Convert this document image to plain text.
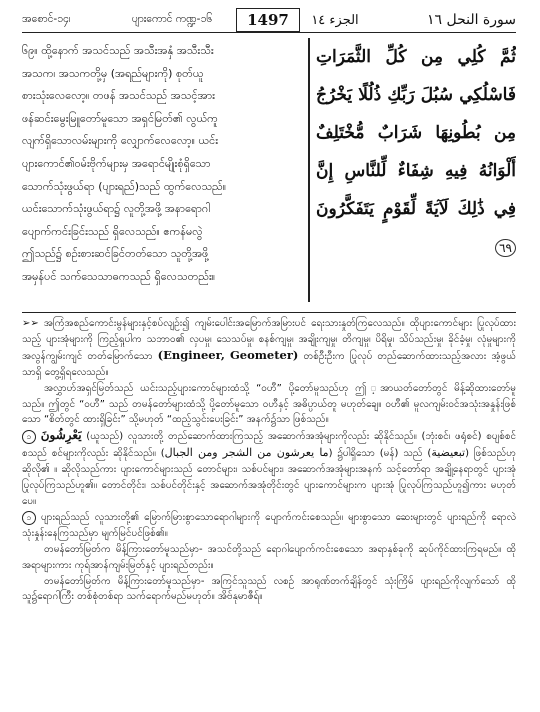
အစောင်-၁၄၊	ပျားကောင် ကဏ္ဍ-၁၆	1497	الجزء ١٤	سورة النحل ١٦

၆၉။ ထို့နောက် အသင်သည် အသီးအနှံ အသီးသီး

အသက၊ အသကတို့မှ (အရည်များကို) စုတ်ယူ

စားသုံးလေလော့။ တဖန် အသင်သည် အသင့်အား

ဖန်ဆင်းမွေးမြူတော်မူသော အရှင်မြတ်၏ လွယ်ကူ

လျက်ရှိသောလမ်းများကို လျှောက်လေလော့။ ယင်း

ပျားကောင်၏ဝမ်းဗိုက်များမှ အရောင်မျိုးစုံရှိသော

သောက်သုံးဖွယ်ရာ (ပျားရည်)သည် ထွက်လေသည်။

ယင်းသောက်သုံးဖွယ်ရာ၌ လူတို့အဖို့ အနာရောဂါ

ပျောက်ကင်းခြင်းသည် ရှိလေသည်။ ဧကန်မလွဲ

ဤသည်၌ စဉ်းစားဆင်ခြင်တတ်သော သူတို့အဖို့

အမှန်ပင် သက်သေသာဓကသည် ရှိလေသတည်း။

ثُمَّ كُلِي مِن كُلِّ الثَّمَرَاتِ فَاسْلُكِي سُبُلَ رَبِّكِ ذُلُلًا يَخْرُجُ مِن بُطُونِهَا شَرَابٌ مُّخْتَلِفٌ أَلْوَانُهُ فِيهِ شِفَاءٌ لِّلنَّاسِ إِنَّ فِي ذَٰلِكَ لَآيَةً لِّقَوْمٍ يَتَفَكَّرُونَ ٦٩

➢➢ အကြံအစည်ကောင်းမွန်များနှင့်စပ်လျဉ်း၍ ကျမ်းပေါင်းအမြောက်အမြားပင် ရေးသားနှုတ်ကြလေသည်။ ထိုပျားကောင်များ ပြုလုပ်ထားသည့် ပျားအုံများကို ကြည့်ရှုပါက သဘာဝ၏ လှပမှု၊ သေသပ်မှု၊ စနစ်ကျမှု၊ အချိုးကျမှု၊ တိကျမှု၊ ပိရိမှု၊ သိပ်သည်းမှု၊ ခိုင်ခံ့မှု၊ လုံမှုများကို အလွန်ကျွမ်းကျင် တတ်မြောက်သော (Engineer, Geometer) တစ်ဦးဦးက ပြုလုပ် တည်ဆောက်ထားသည့်အလား အံ့ဖွယ်သာရှိ တွေ့ရှိရလေသည်။

အလွှာဟ်အရှင်မြတ်သည် ယင်းသည့်ပျားကောင်များထံသို့ “ဝဟီ” ပို့တော်မူသည်ဟု ဤ ့အာယတ်တော်တွင် မိန့်ဆိုထားတော်မူသည်။ ဤတွင် “ဝဟီ” သည် တမန်တော်များထံသို့ ပို့တော်မူသော ဝဟီနှင့် အဓိပ္ပာယ်တူ မဟုတ်ချေ။ ဝဟီ၏ မူလကျမ်းဝင်အသုံးအနှုန်းဖြစ်သော “စိတ်တွင် ထားရှိခြင်း” သို့မဟုတ် “ထည့်သွင်းပေးခြင်း” အနက်၌သာ ဖြစ်သည်။

၁ يَعْرِشُونَ (ယူသည်) လူသားတို့ တည်ဆောက်ထားကြသည့် အဆောက်အအုံများကိုလည်း ဆိုနိုင်သည်။ (ဘုံးစင်၊ ဖရုံစင်) စပျစ်စင်စသည် စင်များကိုလည်း ဆိုနိုင်သည်။ (ما يعرشون من الشجر ومن الجبال) ၌ပါရှိသော (မန်) သည် (تبعيضية) ဖြစ်သည်ဟု ဆိုလို၏ ။ ဆိုလိုသည်ကား ပျားကောင်များသည် တောင်များ၊ သစ်ပင်များ၊ အဆောက်အအုံများအနက် သင့်တော်ရာ အချို့နေရာတွင် ပျားအုံ ပြုလုပ်ကြသည်ဟူ၏။ တောင်တိုင်း၊ သစ်ပင်တိုင်းနှင့် အဆောက်အအုံတိုင်းတွင် ပျားကောင်များက ပျားအုံ ပြုလုပ်ကြသည်ဟူ၍ကား မဟုတ်ပေ။

၁ ပျားရည်သည် လူသားတို့၏ မြောက်မြားစွာသောရောဂါများကို ပျောက်ကင်းစေသည်။ များစွာသော ဆေးများတွင် ပျားရည်ကို ရောလဲသုံးနှုန်းနေကြသည်မှာ မျက်မြင်ပင်ဖြစ်၏။

တမန်တော်မြတ်က မိန့်ကြားတော်မူသည်မှာ- အသင်တို့သည် ရောဂါပျောက်ကင်းစေသော အရာနှစ်ခုကို ဆုပ်ကိုင်ထားကြရမည်။ ထိုအရာများကား ကုရ်အာန်ကျမ်းမြတ်နှင့် ပျားရည်တည်း။

တမန်တော်မြတ်က မိန့်ကြားတော်မူသည်မှာ- အကြင်သူသည် လစဉ် အာရုဏ်တက်ချိန်တွင် သုံးကြိမ် ပျားရည်ကိုလျက်သော် ထိုသူ၌ရောဂါကြီး တစ်စုံတစ်ရာ သက်ရောက်မည်မဟုတ်။ အိဗ်နုမာဇီရ်။
